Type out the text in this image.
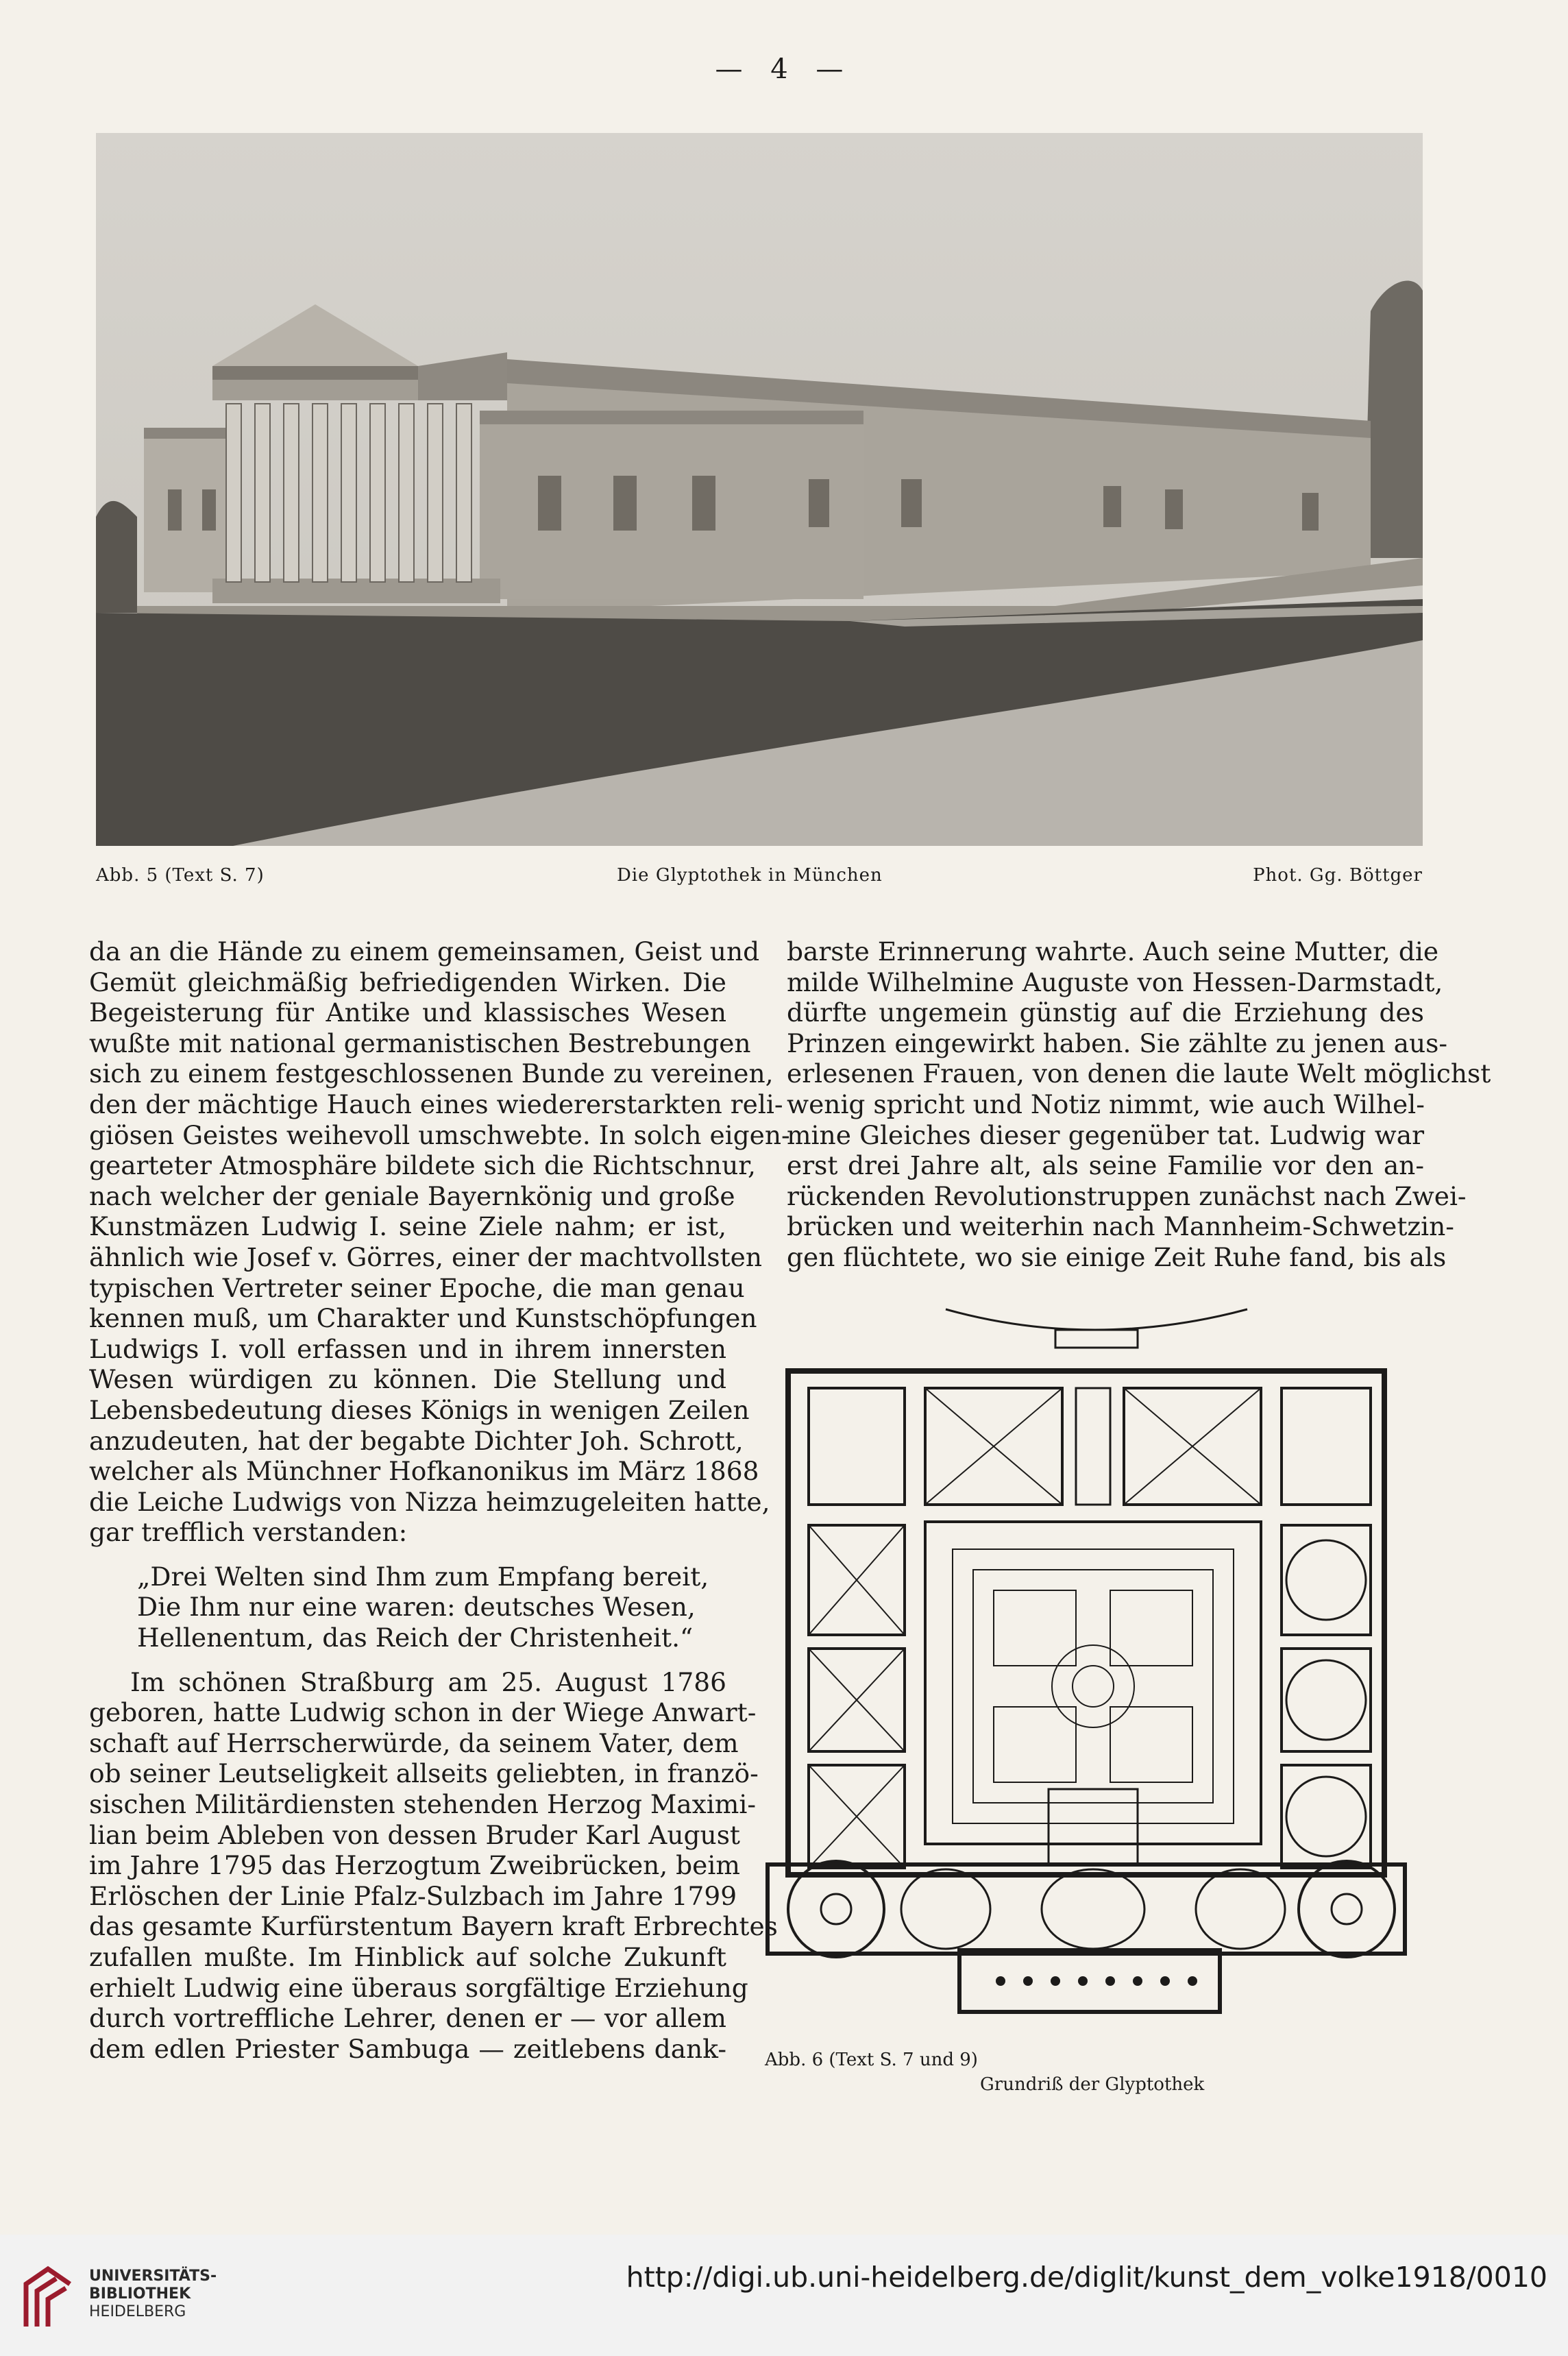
— 4 —
Abb. 5 (Text S. 7)	Die Glyptothek in München	Phot. Gg. Böttger
da an die Hände zu einem gemeinsamen, Geist und
Gemüt gleichmäßig befriedigenden Wirken. Die
Begeisterung für Antike und klassisches Wesen
wußte mit national germanistischen Bestrebungen
sich zu einem festgeschlossenen Bunde zu vereinen,
den der mächtige Hauch eines wiedererstarkten reli-
giösen Geistes weihevoll umschwebte. In solch eigen-
gearteter Atmosphäre bildete sich die Richtschnur,
nach welcher der geniale Bayernkönig und große
Kunstmäzen Ludwig I. seine Ziele nahm; er ist,
ähnlich wie Josef v. Görres, einer der machtvollsten
typischen Vertreter seiner Epoche, die man genau
kennen muß, um Charakter und Kunstschöpfungen
Ludwigs I. voll erfassen und in ihrem innersten
Wesen würdigen zu können. Die Stellung und
Lebensbedeutung dieses Königs in wenigen Zeilen
anzudeuten, hat der begabte Dichter Joh. Schrott,
welcher als Münchner Hofkanonikus im März 1868
die Leiche Ludwigs von Nizza heimzugeleiten hatte,
gar trefflich verstanden:
„Drei Welten sind Ihm zum Empfang bereit,
Die Ihm nur eine waren: deutsches Wesen,
Hellenentum, das Reich der Christenheit.“
Im schönen Straßburg am 25. August 1786
geboren, hatte Ludwig schon in der Wiege Anwart-
schaft auf Herrscherwürde, da seinem Vater, dem
ob seiner Leutseligkeit allseits geliebten, in franzö-
sischen Militärdiensten stehenden Herzog Maximi-
lian beim Ableben von dessen Bruder Karl August
im Jahre 1795 das Herzogtum Zweibrücken, beim
Erlöschen der Linie Pfalz-Sulzbach im Jahre 1799
das gesamte Kurfürstentum Bayern kraft Erbrechtes
zufallen mußte. Im Hinblick auf solche Zukunft
erhielt Ludwig eine überaus sorgfältige Erziehung
durch vortreffliche Lehrer, denen er — vor allem
dem edlen Priester Sambuga — zeitlebens dank-
barste Erinnerung wahrte. Auch seine Mutter, die
milde Wilhelmine Auguste von Hessen-Darmstadt,
dürfte ungemein günstig auf die Erziehung des
Prinzen eingewirkt haben. Sie zählte zu jenen aus-
erlesenen Frauen, von denen die laute Welt möglichst
wenig spricht und Notiz nimmt, wie auch Wilhel-
mine Gleiches dieser gegenüber tat. Ludwig war
erst drei Jahre alt, als seine Familie vor den an-
rückenden Revolutionstruppen zunächst nach Zwei-
brücken und weiterhin nach Mannheim-Schwetzin-
gen flüchtete, wo sie einige Zeit Ruhe fand, bis als
Abb. 6 (Text S. 7 und 9)
Grundriß der Glyptothek
UNIVERSITÄTS-
BIBLIOTHEK
HEIDELBERG
http://digi.ub.uni-heidelberg.de/diglit/kunst_dem_volke1918/0010
